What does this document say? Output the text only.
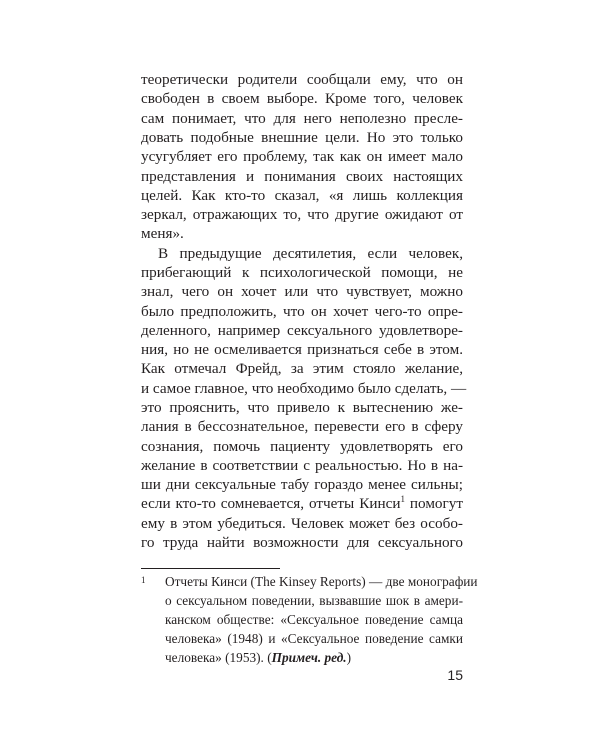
теоретически родители сообщали ему, что он
свободен в своем выборе. Кроме того, человек
сам понимает, что для него неполезно пресле-
довать подобные внешние цели. Но это только
усугубляет его проблему, так как он имеет мало
представления и понимания своих настоящих
целей. Как кто-то сказал, «я лишь коллекция
зеркал, отражающих то, что другие ожидают от
меня».
В предыдущие десятилетия, если человек,
прибегающий к психологической помощи, не
знал, чего он хочет или что чувствует, можно
было предположить, что он хочет чего-то опре-
деленного, например сексуального удовлетворе-
ния, но не осмеливается признаться себе в этом.
Как отмечал Фрейд, за этим стояло желание,
и самое главное, что необходимо было сделать, —
это прояснить, что привело к вытеснению же-
лания в бессознательное, перевести его в сферу
сознания, помочь пациенту удовлетворять его
желание в соответствии с реальностью. Но в на-
ши дни сексуальные табу гораздо менее сильны;
если кто-то сомневается, отчеты Кинси$^1$ помогут
ему в этом убедиться. Человек может без особо-
го труда найти возможности для сексуального
1 Отчеты Кинси (The Kinsey Reports) — две монографии
о сексуальном поведении, вызвавшие шок в амери-
канском обществе: «Сексуальное поведение самца
человека» (1948) и «Сексуальное поведение самки
человека» (1953). (Примеч. ред.)
15
